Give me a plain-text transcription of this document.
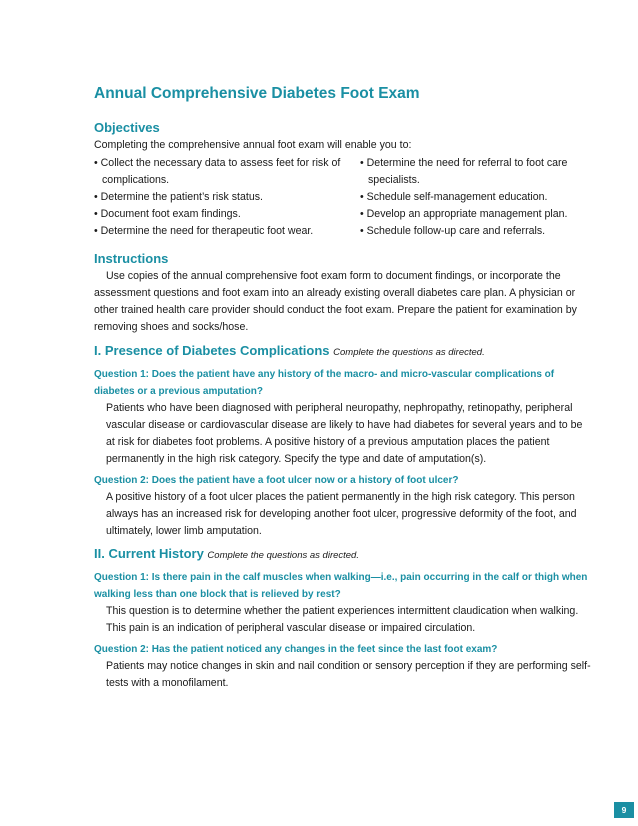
Annual Comprehensive Diabetes Foot Exam
Objectives

Completing the comprehensive annual foot exam will enable you to:

• Collect the necessary data to assess feet for risk of complications.

• Determine the patient’s risk status.

• Document foot exam findings.

• Determine the need for therapeutic foot wear.

• Determine the need for referral to foot care specialists.

• Schedule self-management education.

• Develop an appropriate management plan.

• Schedule follow-up care and referrals.

Instructions

Use copies of the annual comprehensive foot exam form to document findings, or incorporate the assessment questions and foot exam into an already existing overall diabetes care plan. A physician or other trained health care provider should conduct the foot exam. Prepare the patient for examination by removing shoes and socks/hose.

I. Presence of Diabetes Complications Complete the questions as directed.

Question 1: Does the patient have any history of the macro- and micro-vascular complications of diabetes or a previous amputation?

Patients who have been diagnosed with peripheral neuropathy, nephropathy, retinopathy, peripheral vascular disease or cardiovascular disease are likely to have had diabetes for several years and to be at risk for diabetes foot problems. A positive history of a previous amputation places the patient permanently in the high risk category. Specify the type and date of amputation(s).

Question 2: Does the patient have a foot ulcer now or a history of foot ulcer?

A positive history of a foot ulcer places the patient permanently in the high risk category. This person always has an increased risk for developing another foot ulcer, progressive deformity of the foot, and ultimately, lower limb amputation.

II. Current History Complete the questions as directed.

Question 1: Is there pain in the calf muscles when walking—i.e., pain occurring in the calf or thigh when walking less than one block that is relieved by rest?

This question is to determine whether the patient experiences intermittent claudication when walking. This pain is an indication of peripheral vascular disease or impaired circulation.

Question 2: Has the patient noticed any changes in the feet since the last foot exam?

Patients may notice changes in skin and nail condition or sensory perception if they are performing self-tests with a monofilament.

9
